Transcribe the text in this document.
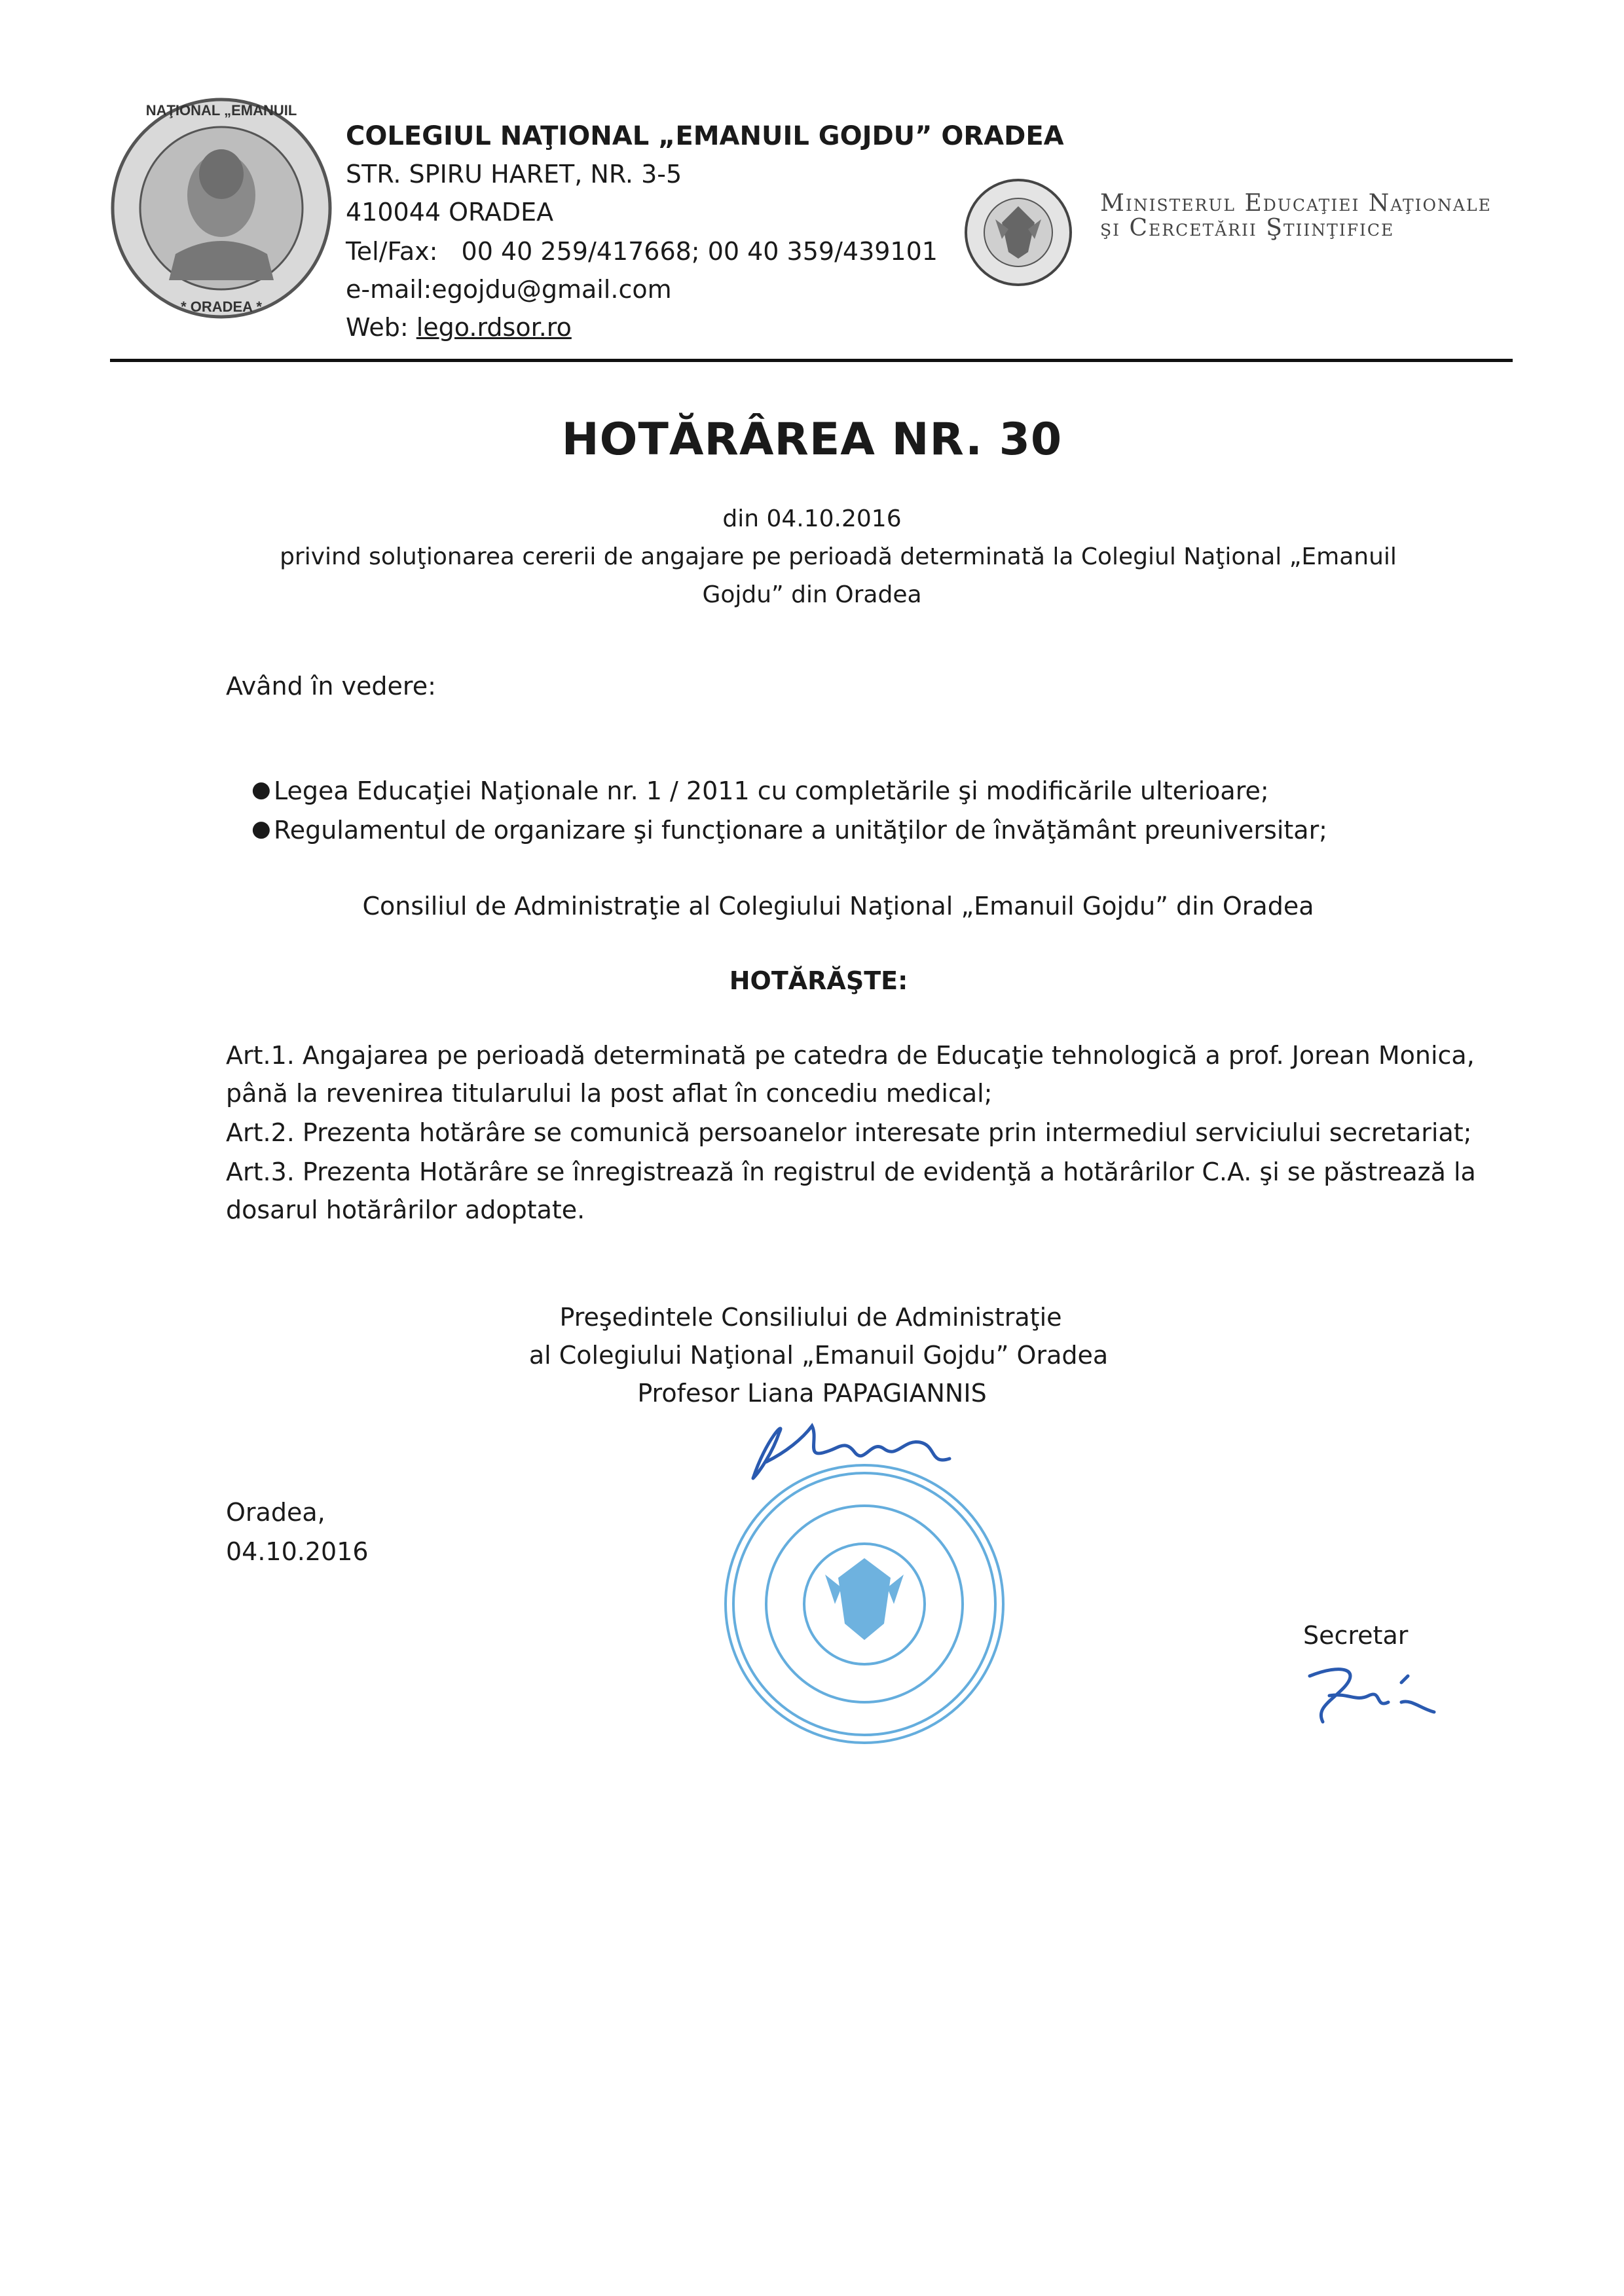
NAŢIONAL „EMANUIL
* ORADEA *
COLEGIUL NAŢIONAL „EMANUIL GOJDU” ORADEA
STR. SPIRU HARET, NR. 3-5
410044 ORADEA
Tel/Fax: 00 40 259/417668; 00 40 359/439101
e-mail:egojdu@gmail.com
Web: lego.rdsor.ro
Ministerul Educaţiei Naţionale
şi Cercetării Ştiinţifice
HOTĂRÂREA NR. 30
din 04.10.2016
privind soluţionarea cererii de angajare pe perioadă determinată la Colegiul Naţional „Emanuil
Gojdu” din Oradea
Având în vedere:
● Legea Educaţiei Naţionale nr. 1 / 2011 cu completările şi modificările ulterioare;
● Regulamentul de organizare şi funcţionare a unităţilor de învăţământ preuniversitar;
Consiliul de Administraţie al Colegiului Naţional „Emanuil Gojdu” din Oradea
HOTĂRĂŞTE:
Art.1. Angajarea pe perioadă determinată pe catedra de Educaţie tehnologică a prof. Jorean Monica,
până la revenirea titularului la post aflat în concediu medical;
Art.2. Prezenta hotărâre se comunică persoanelor interesate prin intermediul serviciului secretariat;
Art.3. Prezenta Hotărâre se înregistrează în registrul de evidenţă a hotărârilor C.A. şi se păstrează la
dosarul hotărârilor adoptate.
Preşedintele Consiliului de Administraţie
al Colegiului Naţional „Emanuil Gojdu” Oradea
Profesor Liana PAPAGIANNIS
Oradea,
04.10.2016
Secretar
